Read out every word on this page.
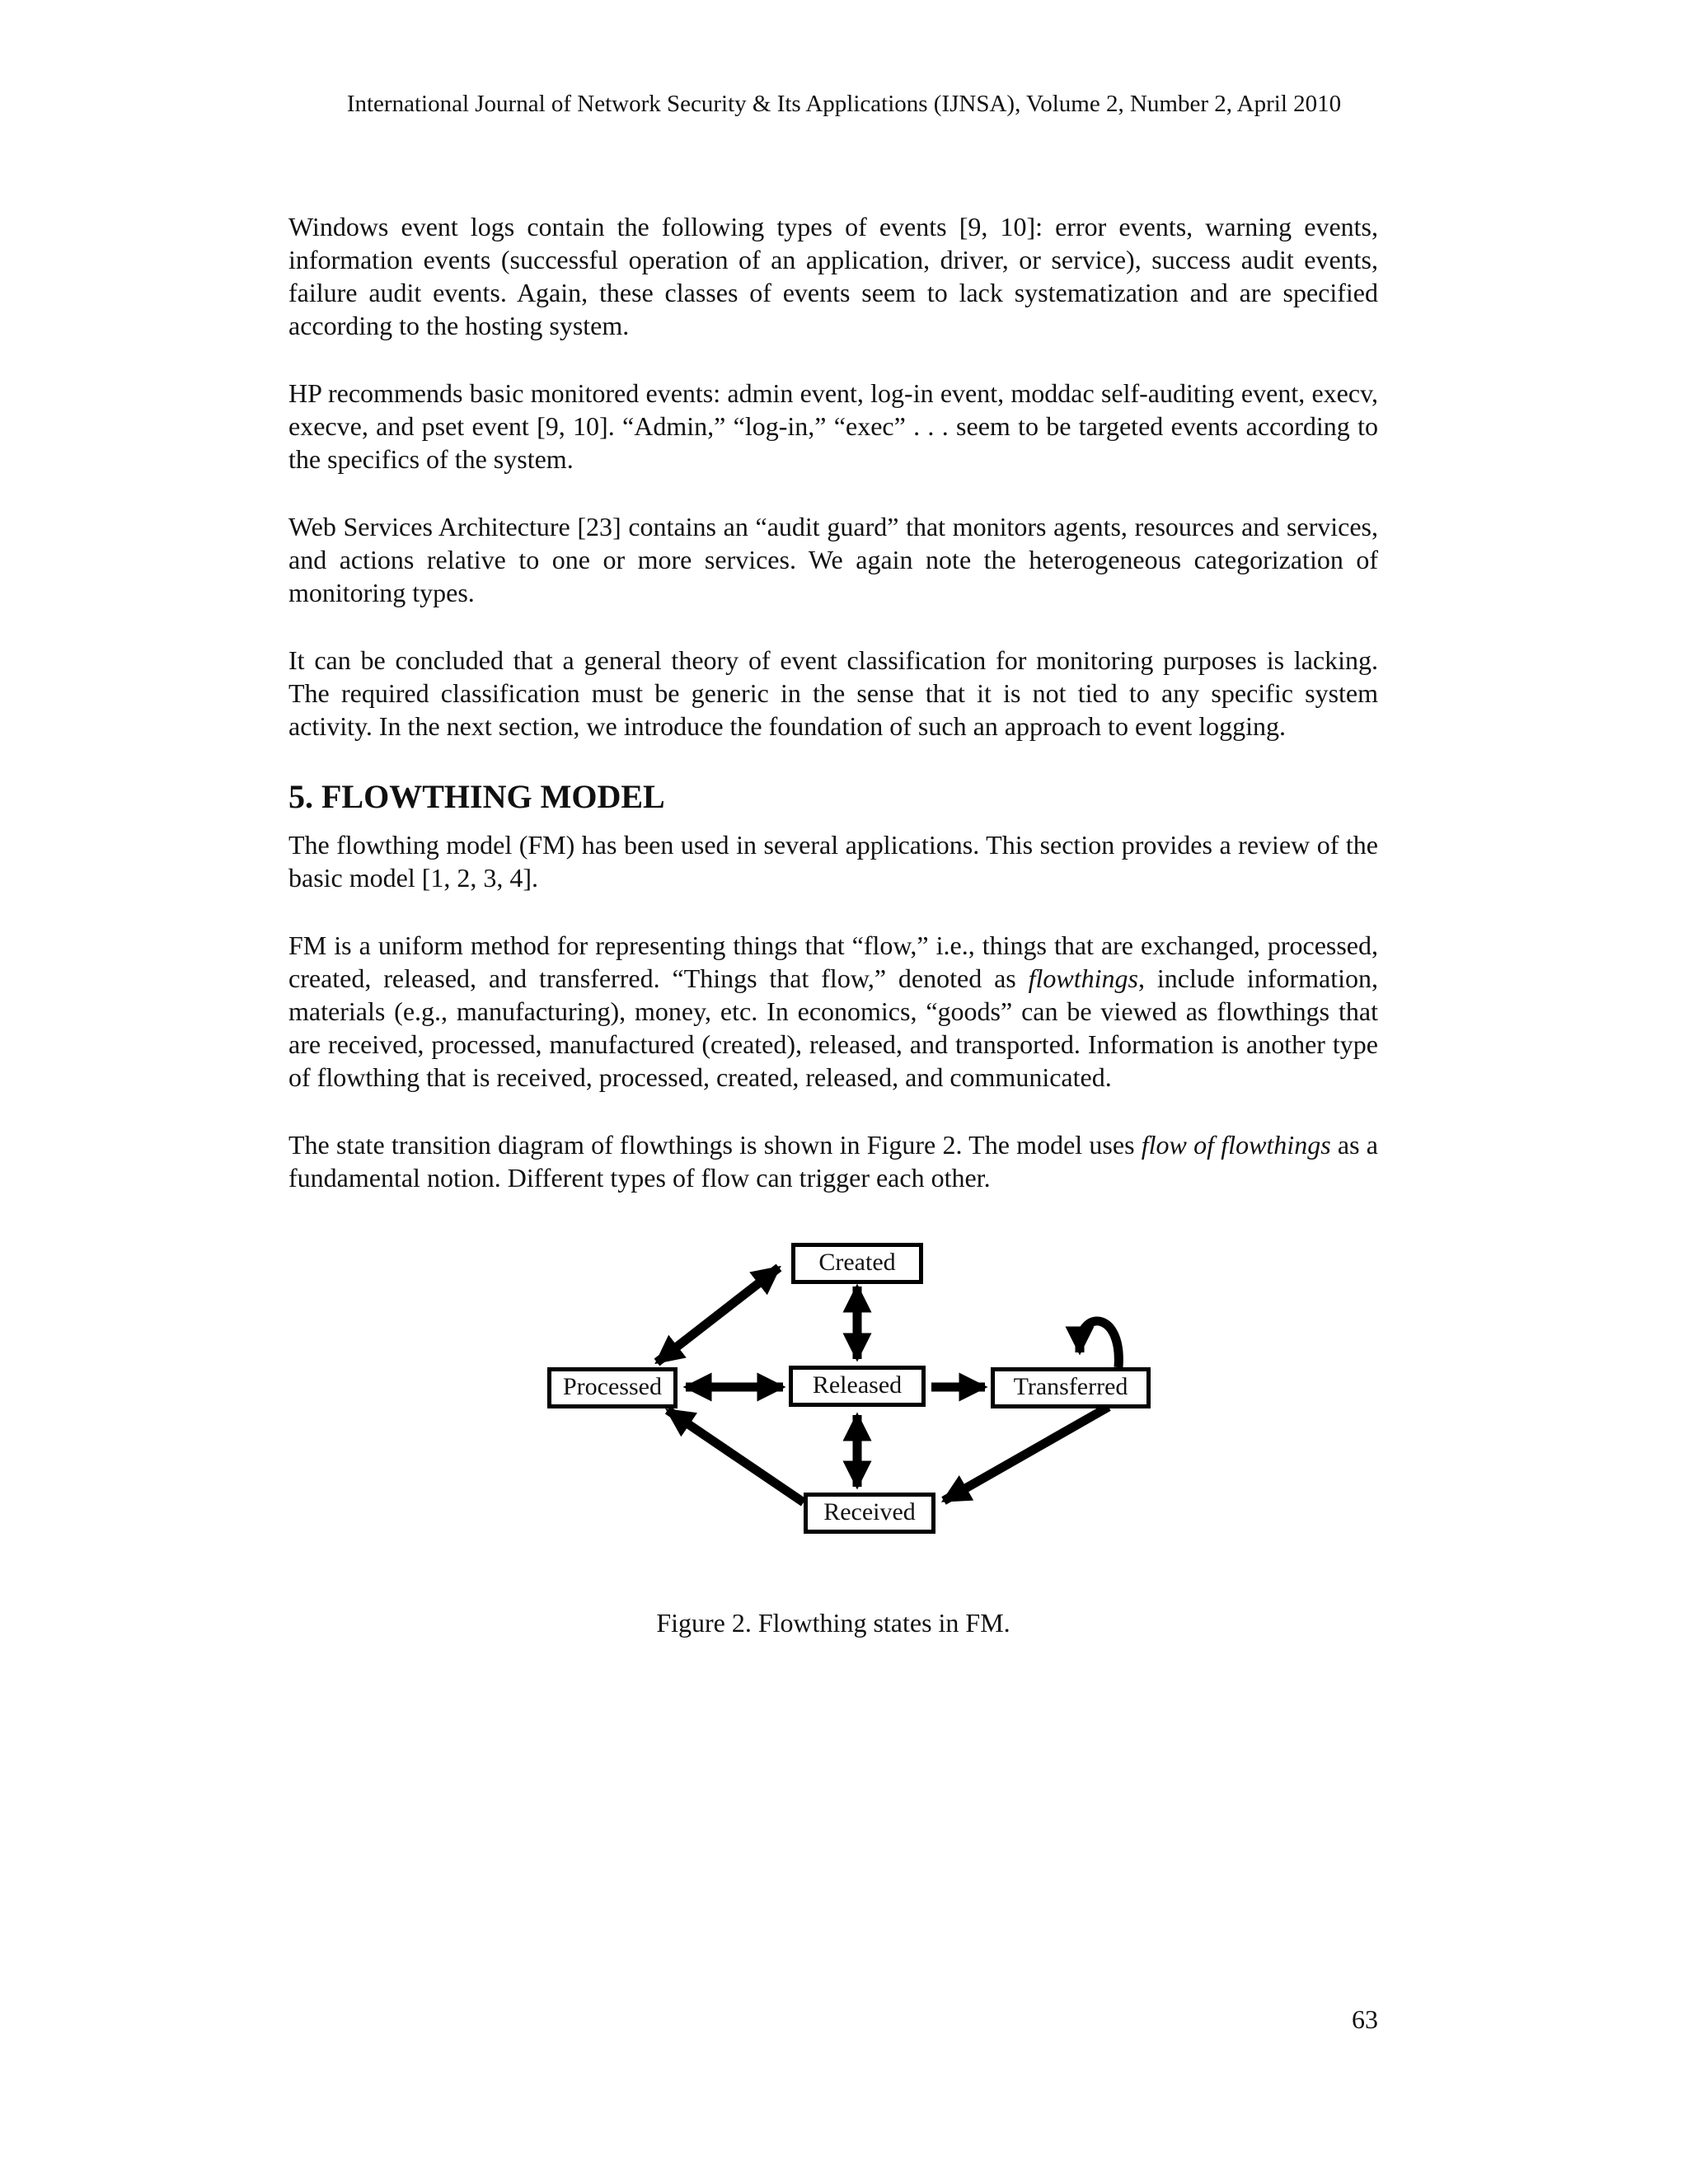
International Journal of Network Security & Its Applications (IJNSA), Volume 2, Number 2, April 2010

Windows event logs contain the following types of events [9, 10]: error events, warning events, information events (successful operation of an application, driver, or service), success audit events, failure audit events. Again, these classes of events seem to lack systematization and are specified according to the hosting system.

HP recommends basic monitored events: admin event, log-in event, moddac self-auditing event, execv, execve, and pset event [9, 10]. “Admin,” “log-in,” “exec” . . . seem to be targeted events according to the specifics of the system.

Web Services Architecture [23] contains an “audit guard” that monitors agents, resources and services, and actions relative to one or more services. We again note the heterogeneous categorization of monitoring types.

It can be concluded that a general theory of event classification for monitoring purposes is lacking. The required classification must be generic in the sense that it is not tied to any specific system activity. In the next section, we introduce the foundation of such an approach to event logging.

5. FLOWTHING MODEL

The flowthing model (FM) has been used in several applications. This section provides a review of the basic model [1, 2, 3, 4].

FM is a uniform method for representing things that “flow,” i.e., things that are exchanged, processed, created, released, and transferred. “Things that flow,” denoted as flowthings, include information, materials (e.g., manufacturing), money, etc. In economics, “goods” can be viewed as flowthings that are received, processed, manufactured (created), released, and transported. Information is another type of flowthing that is received, processed, created, released, and communicated.

The state transition diagram of flowthings is shown in Figure 2. The model uses flow of flowthings as a fundamental notion. Different types of flow can trigger each other.

Created
Processed	Released	Transferred
Received
Figure 2. Flowthing states in FM.
63
